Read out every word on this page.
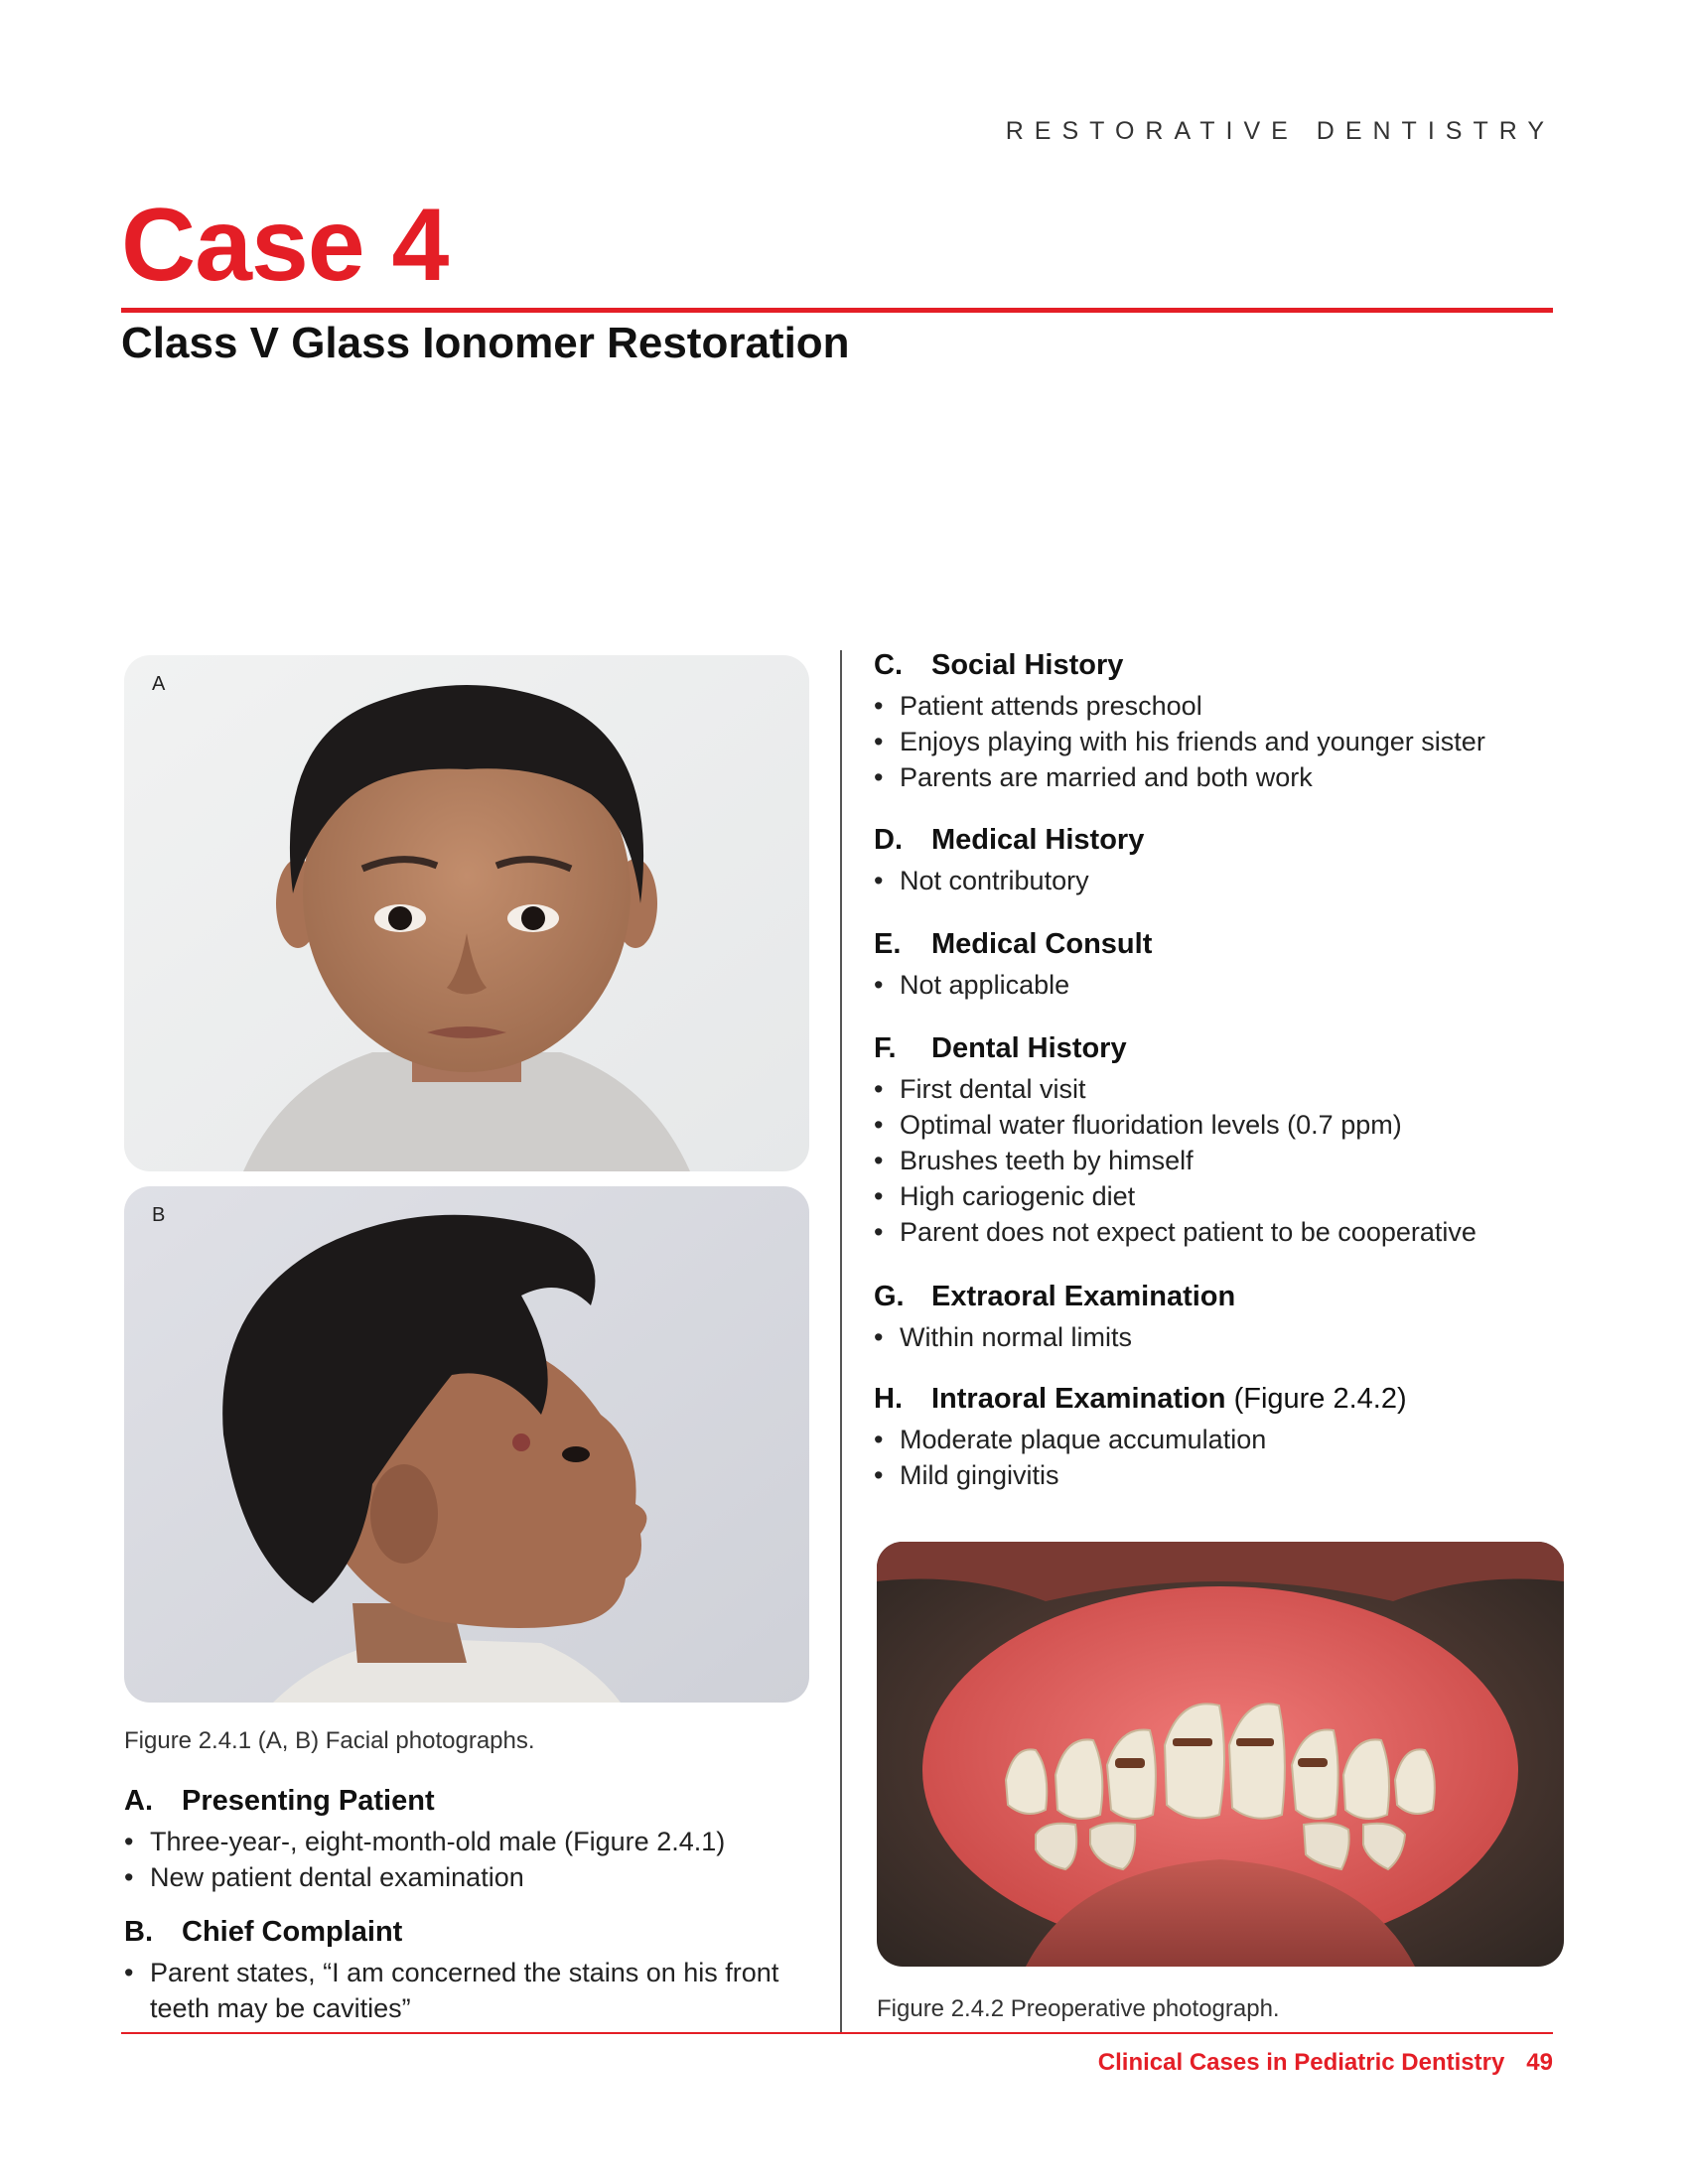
RESTORATIVE DENTISTRY
Case 4
Class V Glass Ionomer Restoration
A
B
Figure 2.4.1 (A, B) Facial photographs.
A. Presenting Patient
• Three-year-, eight-month-old male (Figure 2.4.1)
• New patient dental examination
B. Chief Complaint
• Parent states, “I am concerned the stains on his front teeth may be cavities”
C. Social History
• Patient attends preschool
• Enjoys playing with his friends and younger sister
• Parents are married and both work
D. Medical History
• Not contributory
E. Medical Consult
• Not applicable
F. Dental History
• First dental visit
• Optimal water fluoridation levels (0.7 ppm)
• Brushes teeth by himself
• High cariogenic diet
• Parent does not expect patient to be cooperative
G. Extraoral Examination
• Within normal limits
H. Intraoral Examination (Figure 2.4.2)
• Moderate plaque accumulation
• Mild gingivitis
Figure 2.4.2 Preoperative photograph.
Clinical Cases in Pediatric Dentistry 49
